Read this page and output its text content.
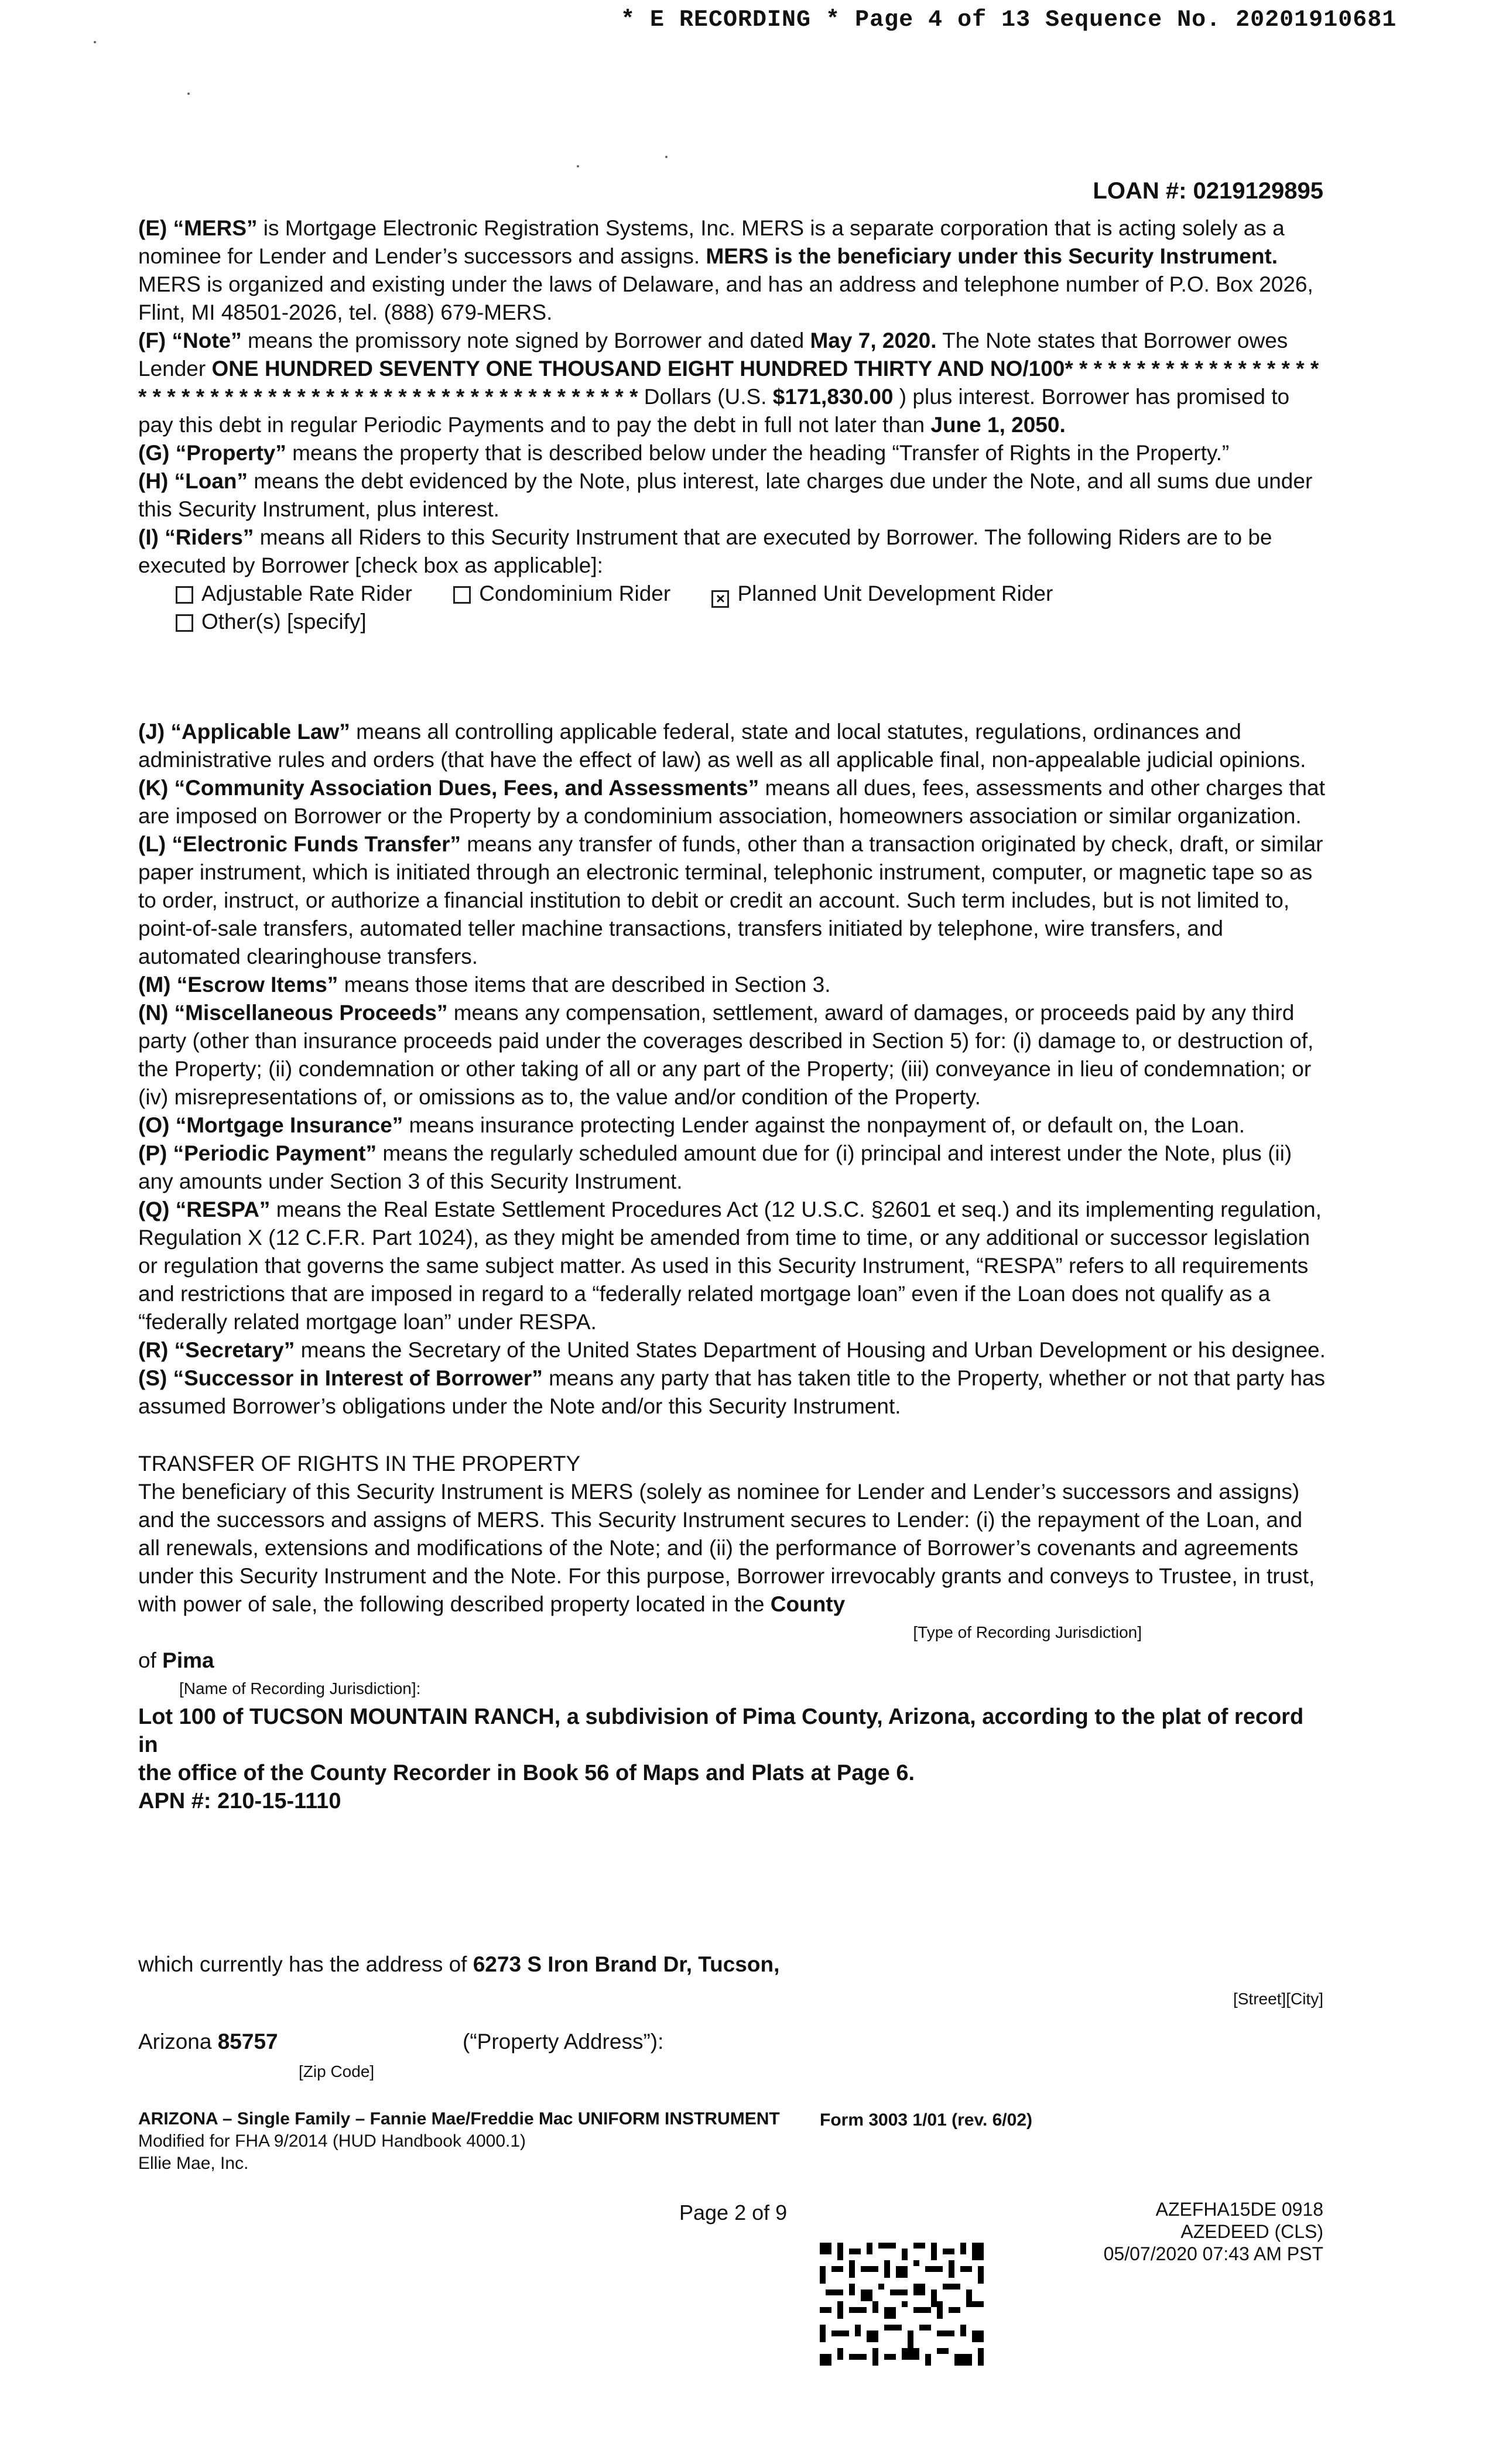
* E RECORDING * Page 4 of 13 Sequence No. 20201910681
LOAN #: 0219129895

(E) “MERS” is Mortgage Electronic Registration Systems, Inc. MERS is a separate corporation that is acting solely as a nominee for Lender and Lender’s successors and assigns. MERS is the beneficiary under this Security Instrument. MERS is organized and existing under the laws of Delaware, and has an address and telephone number of P.O. Box 2026, Flint, MI 48501-2026, tel. (888) 679-MERS.

(F) “Note” means the promissory note signed by Borrower and dated May 7, 2020. The Note states that Borrower owes Lender ONE HUNDRED SEVENTY ONE THOUSAND EIGHT HUNDRED THIRTY AND NO/100* * * * * * * * * * * * * * * * * * * * * * * * * * * * * * * * * * * * * * * * * * * * * * * * * * * * * Dollars (U.S. $171,830.00 ) plus interest. Borrower has promised to pay this debt in regular Periodic Payments and to pay the debt in full not later than June 1, 2050.

(G) “Property” means the property that is described below under the heading “Transfer of Rights in the Property.”

(H) “Loan” means the debt evidenced by the Note, plus interest, late charges due under the Note, and all sums due under this Security Instrument, plus interest.

(I) “Riders” means all Riders to this Security Instrument that are executed by Borrower. The following Riders are to be executed by Borrower [check box as applicable]:

Adjustable Rate Rider	Condominium Rider	× Planned Unit Development Rider
Other(s) [specify]

(J) “Applicable Law” means all controlling applicable federal, state and local statutes, regulations, ordinances and administrative rules and orders (that have the effect of law) as well as all applicable final, non-appealable judicial opinions.

(K) “Community Association Dues, Fees, and Assessments” means all dues, fees, assessments and other charges that are imposed on Borrower or the Property by a condominium association, homeowners association or similar organization.

(L) “Electronic Funds Transfer” means any transfer of funds, other than a transaction originated by check, draft, or similar paper instrument, which is initiated through an electronic terminal, telephonic instrument, computer, or magnetic tape so as to order, instruct, or authorize a financial institution to debit or credit an account. Such term includes, but is not limited to, point-of-sale transfers, automated teller machine transactions, transfers initiated by telephone, wire transfers, and automated clearinghouse transfers.

(M) “Escrow Items” means those items that are described in Section 3.

(N) “Miscellaneous Proceeds” means any compensation, settlement, award of damages, or proceeds paid by any third party (other than insurance proceeds paid under the coverages described in Section 5) for: (i) damage to, or destruction of, the Property; (ii) condemnation or other taking of all or any part of the Property; (iii) conveyance in lieu of condemnation; or (iv) misrepresentations of, or omissions as to, the value and/or condition of the Property.

(O) “Mortgage Insurance” means insurance protecting Lender against the nonpayment of, or default on, the Loan.

(P) “Periodic Payment” means the regularly scheduled amount due for (i) principal and interest under the Note, plus (ii) any amounts under Section 3 of this Security Instrument.

(Q) “RESPA” means the Real Estate Settlement Procedures Act (12 U.S.C. §2601 et seq.) and its implementing regulation, Regulation X (12 C.F.R. Part 1024), as they might be amended from time to time, or any additional or successor legislation or regulation that governs the same subject matter. As used in this Security Instrument, “RESPA” refers to all requirements and restrictions that are imposed in regard to a “federally related mortgage loan” even if the Loan does not qualify as a “federally related mortgage loan” under RESPA.

(R) “Secretary” means the Secretary of the United States Department of Housing and Urban Development or his designee.

(S) “Successor in Interest of Borrower” means any party that has taken title to the Property, whether or not that party has assumed Borrower’s obligations under the Note and/or this Security Instrument.

TRANSFER OF RIGHTS IN THE PROPERTY

The beneficiary of this Security Instrument is MERS (solely as nominee for Lender and Lender’s successors and assigns) and the successors and assigns of MERS. This Security Instrument secures to Lender: (i) the repayment of the Loan, and all renewals, extensions and modifications of the Note; and (ii) the performance of Borrower’s covenants and agreements under this Security Instrument and the Note. For this purpose, Borrower irrevocably grants and conveys to Trustee, in trust, with power of sale, the following described property located in the County

[Type of Recording Jurisdiction]

of Pima

[Name of Recording Jurisdiction]:

Lot 100 of TUCSON MOUNTAIN RANCH, a subdivision of Pima County, Arizona, according to the plat of record in

the office of the County Recorder in Book 56 of Maps and Plats at Page 6.

APN #: 210-15-1110

which currently has the address of 6273 S Iron Brand Dr, Tucson,
[Street][City]
Arizona 85757
[Zip Code]
(“Property Address”):
ARIZONA – Single Family – Fannie Mae/Freddie Mac UNIFORM INSTRUMENT
Modified for FHA 9/2014 (HUD Handbook 4000.1)
Ellie Mae, Inc.
Form 3003 1/01 (rev. 6/02)
Page 2 of 9	AZEFHA15DE 0918
AZEDEED (CLS)
05/07/2020 07:43 AM PST
